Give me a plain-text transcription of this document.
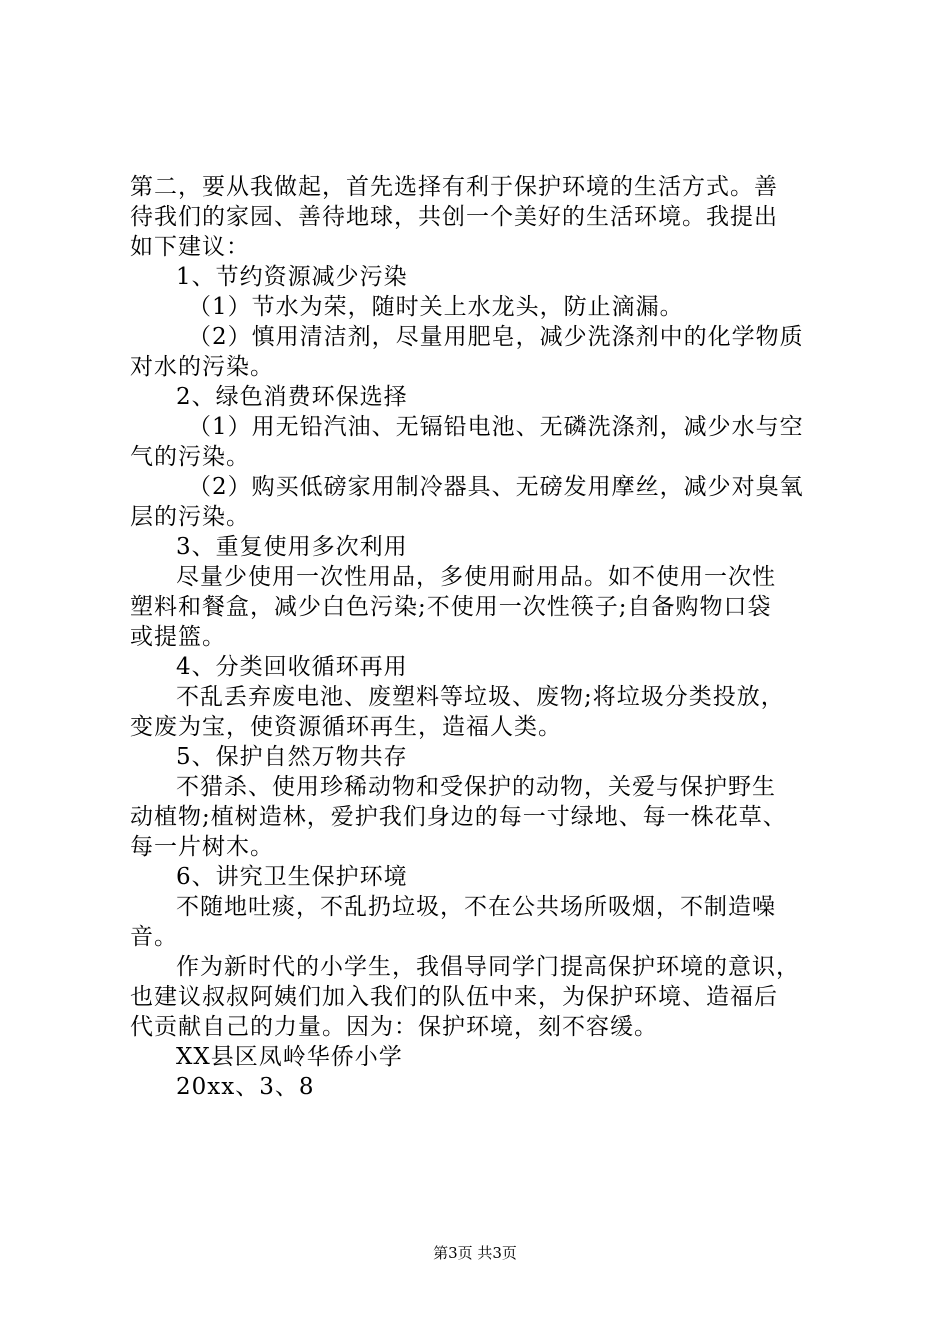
第二，要从我做起，首先选择有利于保护环境的生活方式。善
待我们的家园、善待地球，共创一个美好的生活环境。我提出
如下建议：
1、节约资源减少污染
（1）节水为荣，随时关上水龙头，防止滴漏。
（2）慎用清洁剂，尽量用肥皂，减少洗涤剂中的化学物质
对水的污染。
2、绿色消费环保选择
（1）用无铅汽油、无镉铅电池、无磷洗涤剂，减少水与空
气的污染。
（2）购买低磅家用制冷器具、无磅发用摩丝，减少对臭氧
层的污染。
3、重复使用多次利用
尽量少使用一次性用品，多使用耐用品。如不使用一次性
塑料和餐盒，减少白色污染;不使用一次性筷子;自备购物口袋
或提篮。
4、分类回收循环再用
不乱丢弃废电池、废塑料等垃圾、废物;将垃圾分类投放，
变废为宝，使资源循环再生，造福人类。
5、保护自然万物共存
不猎杀、使用珍稀动物和受保护的动物，关爱与保护野生
动植物;植树造林，爱护我们身边的每一寸绿地、每一株花草、
每一片树木。
6、讲究卫生保护环境
不随地吐痰，不乱扔垃圾，不在公共场所吸烟，不制造噪
音。
作为新时代的小学生，我倡导同学门提高保护环境的意识，
也建议叔叔阿姨们加入我们的队伍中来，为保护环境、造福后
代贡献自己的力量。因为：保护环境，刻不容缓。
XX县区凤岭华侨小学
20xx、3、8
第3页 共3页
